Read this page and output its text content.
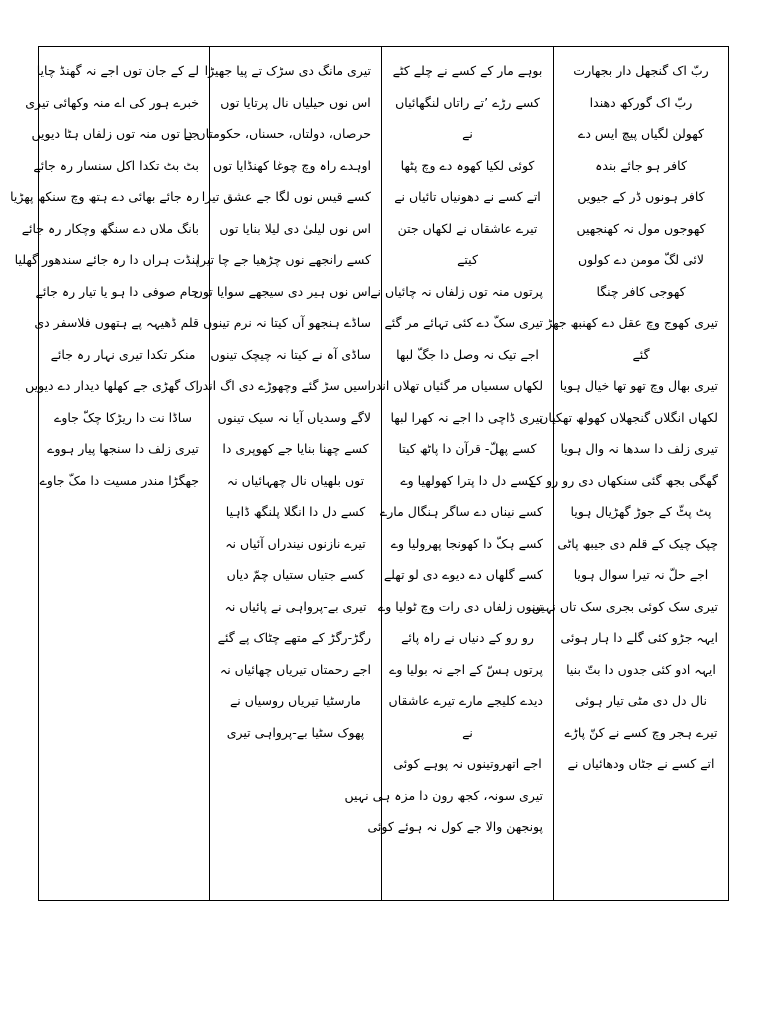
ربّ اک گنجھل دار بجھارت
ربّ اک گورکھ دھندا
کھولن لگیاں پیچ ایس دے
کافر ہو جائے بندہ
کافر ہونوں ڈر کے جیویں
کھوجوں مول نہ کھنجھیں
لائی لگّ مومن دے کولوں
کھوجی کافر چنگا
تیری کھوج وچ عقل دے کھنبھ جھڑ
گئے
تیری بھال وچ تھو تھا خیال ہویا
لکھاں انگلاں گنجھلاں کھولھ تھکیاں
تیری زلف دا سدھا نہ وال ہویا
گھگی بجھ گئی سنکھاں دی رو رو کے
پٹ پٹّ کے جوڑ گھڑیال ہویا
چپک چیک کے قلم دی جیبھ پاٹی
اجے حلّ نہ تیرا سوال ہویا
تیری سک کوئی بجری سک تاں نہیں
ایہہ جڑو کئی گلے دا ہار ہوئی
ایہہ ادو کئی جدوں دا بتّ بنیا
نال دل دی مٹی تیار ہوئی
تیرے ہجر وچ کسے نے کنّ پاڑے
اتے کسے نے جٹاں ودھائیاں نے
بوہے مار کے کسے نے چلے کٹے
کسے رڑے ’تے راتاں لنگھائیاں
نے
کوئی لکیا کھوہ دے وچ پٹھا
اتے کسے نے دھونیاں تائیاں نے
تیرے عاشقاں نے لکھاں جتن
کیتے
پرتوں منہ توں زلفاں نہ چائیاں نے
تیری سکّ دے کئی تہائے مر گئے
اجے تیک نہ وصل دا جگّ لبھا
لکھاں سسیاں مر گئیاں تھلاں اندر
تیری ڈاچی دا اجے نہ کھرا لبھا
کسے پھلّ- قرآن دا پاٹھ کیتا
کسے دل دا پترا کھولھیا وے
کسے نیناں دے ساگر ہنگال مارے
کسے ہکّ دا کھونجا پھرولیا وے
کسے گلھاں دے دیوے دی لو تھلے
تینوں زلفاں دی رات وچ ٹولیا وے
رو رو کے دنیاں نے راہ پائے
پرتوں ہسّ کے اجے نہ بولیا وے
دیدے کلیجے مارے تیرے عاشقاں
نے
اجے اتھروتینوں نہ پوہے کوئی
تیری سونہ، کجھ رون دا مزہ ہی نہیں
پونجھن والا جے کول نہ ہوئے کوئی
تیری مانگ دی سڑک تے پیا جھیڑا
اس نوں حیلیاں نال پرتایا توں
حرصاں، دولتاں، حسناں، حکومتاں دا
اوہدے راہ وچ چوغا کھنڈایا توں
کسے قیس نوں لگا جے عشق تیرا
اس نوں لیلیٰ دی لیلا بنایا توں
کسے رانجھے نوں چڑھیا جے چا تیرا
اس نوں ہیر دی سیجھے سوایا توں
ساڈے ہنجھو آں کیتا نہ نرم تینوں
ساڈی آہ نے کیتا نہ چیچک تینوں
اسیں سڑ گئے وچھوڑے دی اگ اندر
لاگے وسدیاں آیا نہ سیک تینوں
کسے چھنا بنایا جے کھوپری دا
توں بلھیاں نال چھہائیاں نہ
کسے دل دا انگلا پلنگھ ڈاہیا
تیرے نازنوں نیندراں آئیاں نہ
کسے جتیاں ستیاں چمّ دیاں
تیری بے-پرواہی نے پائیاں نہ
رگڑ-رگڑ کے متھے چٹاک پے گئے
اجے رحمتاں تیریاں چھائیاں نہ
مارسٹیا تیریاں روسیاں نے
پھوک سٹیا بے-پرواہی تیری
لے کے جان توں اجے نہ گھنڈ چایا
خبرے ہور کی اے منہ وکھائی تیری
جے توں منہ توں زلفاں ہٹا دیویں
بٹ بٹ تکدا اکل سنسار رہ جائے
رہ جائے بھائی دے ہتھ وچ سنکھ پھڑیا
بانگ ملاں دے سنگھ وچکار رہ جائے
پنڈت ہراں دا رہ جائے سندھور گھلیا
جام صوفی دا ہو یا تیار رہ جائے
قلم ڈھیہہ پے ہتھوں فلاسفر دی
منکر تکدا تیری نہار رہ جائے
اک گھڑی جے کھلھا دیدار دے دیویں
ساڈا نت دا ریڑکا چکّ جاوے
تیری زلف دا سنجھا پیار ہووے
جھگڑا مندر مسیت دا مکّ جاوے
